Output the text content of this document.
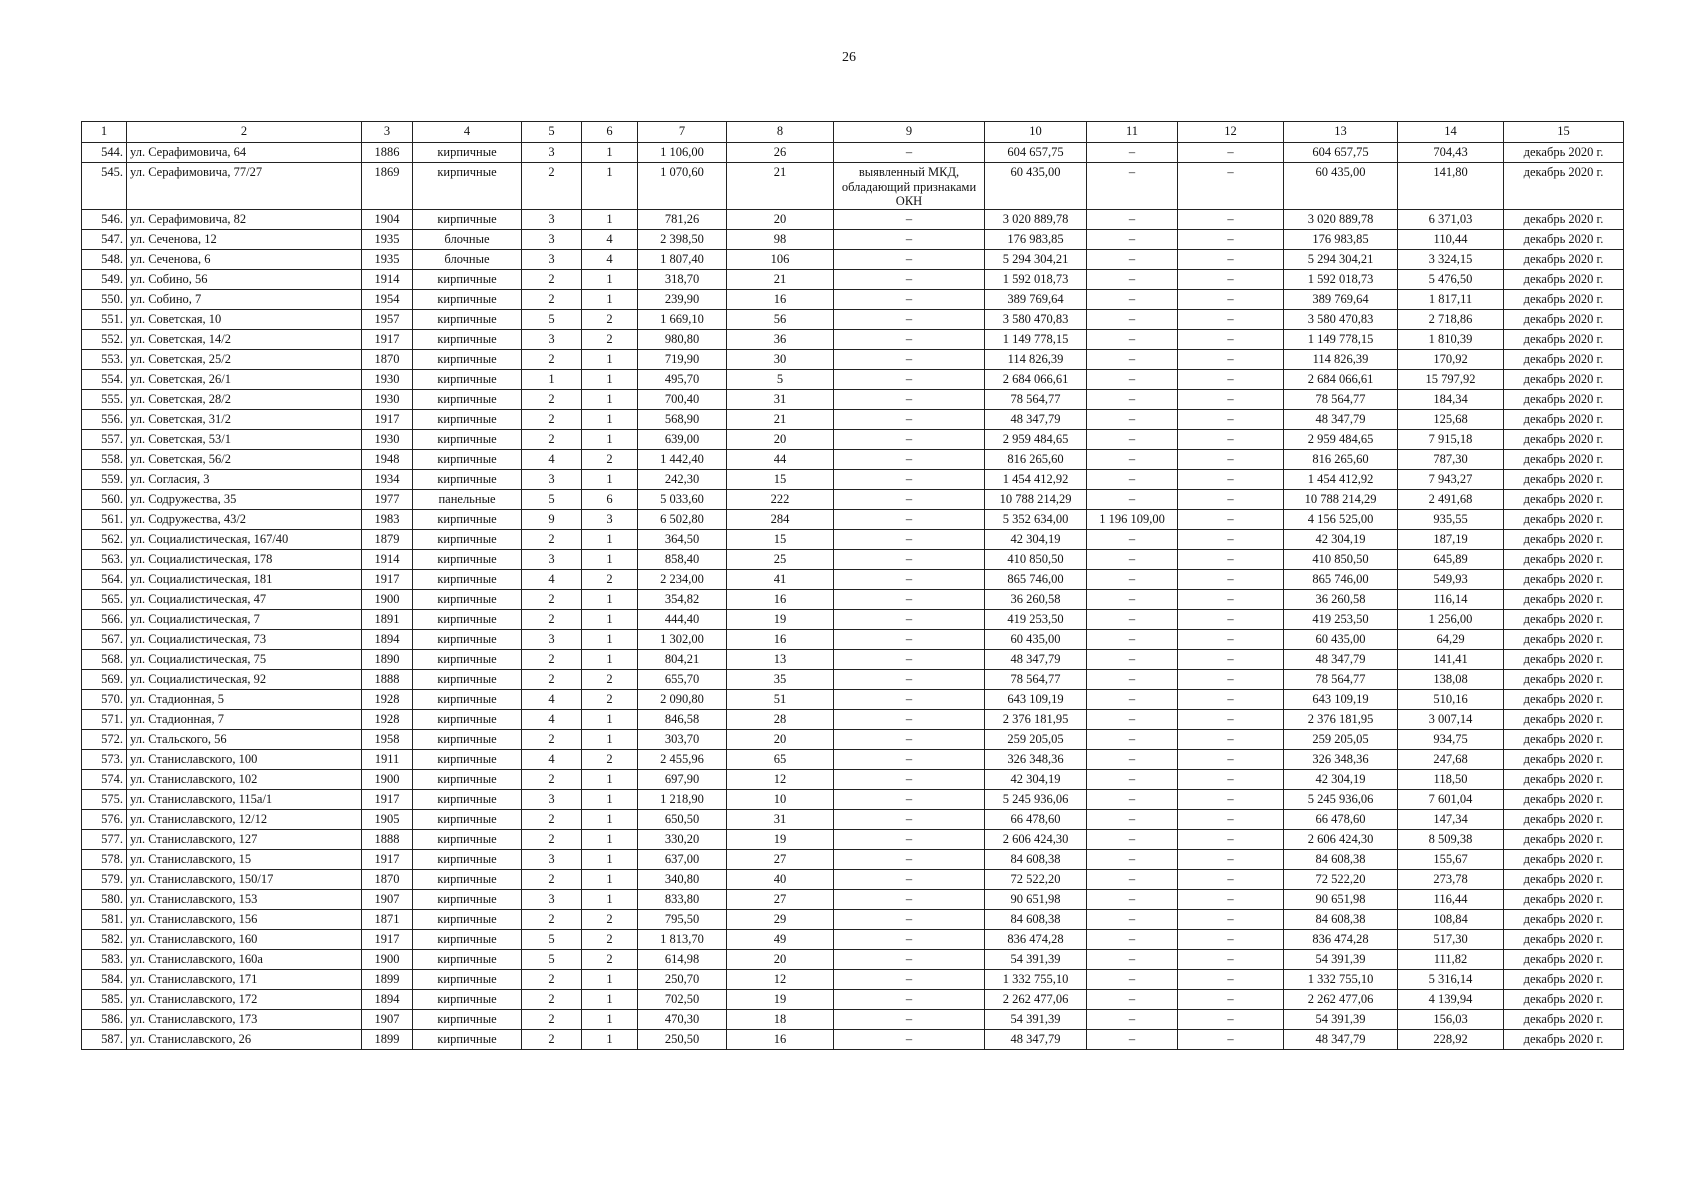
26
1	2	3	4	5	6	7	8	9	10	11	12	13	14	15
544.	ул. Серафимовича, 64	1886	кирпичные	3	1	1 106,00	26	–	604 657,75	–	–	604 657,75	704,43	декабрь 2020 г.
545.	ул. Серафимовича, 77/27	1869	кирпичные	2	1	1 070,60	21	выявленный МКД, обладающий признаками ОКН	60 435,00	–	–	60 435,00	141,80	декабрь 2020 г.
546.	ул. Серафимовича, 82	1904	кирпичные	3	1	781,26	20	–	3 020 889,78	–	–	3 020 889,78	6 371,03	декабрь 2020 г.
547.	ул. Сеченова, 12	1935	блочные	3	4	2 398,50	98	–	176 983,85	–	–	176 983,85	110,44	декабрь 2020 г.
548.	ул. Сеченова, 6	1935	блочные	3	4	1 807,40	106	–	5 294 304,21	–	–	5 294 304,21	3 324,15	декабрь 2020 г.
549.	ул. Собино, 56	1914	кирпичные	2	1	318,70	21	–	1 592 018,73	–	–	1 592 018,73	5 476,50	декабрь 2020 г.
550.	ул. Собино, 7	1954	кирпичные	2	1	239,90	16	–	389 769,64	–	–	389 769,64	1 817,11	декабрь 2020 г.
551.	ул. Советская, 10	1957	кирпичные	5	2	1 669,10	56	–	3 580 470,83	–	–	3 580 470,83	2 718,86	декабрь 2020 г.
552.	ул. Советская, 14/2	1917	кирпичные	3	2	980,80	36	–	1 149 778,15	–	–	1 149 778,15	1 810,39	декабрь 2020 г.
553.	ул. Советская, 25/2	1870	кирпичные	2	1	719,90	30	–	114 826,39	–	–	114 826,39	170,92	декабрь 2020 г.
554.	ул. Советская, 26/1	1930	кирпичные	1	1	495,70	5	–	2 684 066,61	–	–	2 684 066,61	15 797,92	декабрь 2020 г.
555.	ул. Советская, 28/2	1930	кирпичные	2	1	700,40	31	–	78 564,77	–	–	78 564,77	184,34	декабрь 2020 г.
556.	ул. Советская, 31/2	1917	кирпичные	2	1	568,90	21	–	48 347,79	–	–	48 347,79	125,68	декабрь 2020 г.
557.	ул. Советская, 53/1	1930	кирпичные	2	1	639,00	20	–	2 959 484,65	–	–	2 959 484,65	7 915,18	декабрь 2020 г.
558.	ул. Советская, 56/2	1948	кирпичные	4	2	1 442,40	44	–	816 265,60	–	–	816 265,60	787,30	декабрь 2020 г.
559.	ул. Согласия, 3	1934	кирпичные	3	1	242,30	15	–	1 454 412,92	–	–	1 454 412,92	7 943,27	декабрь 2020 г.
560.	ул. Содружества, 35	1977	панельные	5	6	5 033,60	222	–	10 788 214,29	–	–	10 788 214,29	2 491,68	декабрь 2020 г.
561.	ул. Содружества, 43/2	1983	кирпичные	9	3	6 502,80	284	–	5 352 634,00	1 196 109,00	–	4 156 525,00	935,55	декабрь 2020 г.
562.	ул. Социалистическая, 167/40	1879	кирпичные	2	1	364,50	15	–	42 304,19	–	–	42 304,19	187,19	декабрь 2020 г.
563.	ул. Социалистическая, 178	1914	кирпичные	3	1	858,40	25	–	410 850,50	–	–	410 850,50	645,89	декабрь 2020 г.
564.	ул. Социалистическая, 181	1917	кирпичные	4	2	2 234,00	41	–	865 746,00	–	–	865 746,00	549,93	декабрь 2020 г.
565.	ул. Социалистическая, 47	1900	кирпичные	2	1	354,82	16	–	36 260,58	–	–	36 260,58	116,14	декабрь 2020 г.
566.	ул. Социалистическая, 7	1891	кирпичные	2	1	444,40	19	–	419 253,50	–	–	419 253,50	1 256,00	декабрь 2020 г.
567.	ул. Социалистическая, 73	1894	кирпичные	3	1	1 302,00	16	–	60 435,00	–	–	60 435,00	64,29	декабрь 2020 г.
568.	ул. Социалистическая, 75	1890	кирпичные	2	1	804,21	13	–	48 347,79	–	–	48 347,79	141,41	декабрь 2020 г.
569.	ул. Социалистическая, 92	1888	кирпичные	2	2	655,70	35	–	78 564,77	–	–	78 564,77	138,08	декабрь 2020 г.
570.	ул. Стадионная, 5	1928	кирпичные	4	2	2 090,80	51	–	643 109,19	–	–	643 109,19	510,16	декабрь 2020 г.
571.	ул. Стадионная, 7	1928	кирпичные	4	1	846,58	28	–	2 376 181,95	–	–	2 376 181,95	3 007,14	декабрь 2020 г.
572.	ул. Стальского, 56	1958	кирпичные	2	1	303,70	20	–	259 205,05	–	–	259 205,05	934,75	декабрь 2020 г.
573.	ул. Станиславского, 100	1911	кирпичные	4	2	2 455,96	65	–	326 348,36	–	–	326 348,36	247,68	декабрь 2020 г.
574.	ул. Станиславского, 102	1900	кирпичные	2	1	697,90	12	–	42 304,19	–	–	42 304,19	118,50	декабрь 2020 г.
575.	ул. Станиславского, 115а/1	1917	кирпичные	3	1	1 218,90	10	–	5 245 936,06	–	–	5 245 936,06	7 601,04	декабрь 2020 г.
576.	ул. Станиславского, 12/12	1905	кирпичные	2	1	650,50	31	–	66 478,60	–	–	66 478,60	147,34	декабрь 2020 г.
577.	ул. Станиславского, 127	1888	кирпичные	2	1	330,20	19	–	2 606 424,30	–	–	2 606 424,30	8 509,38	декабрь 2020 г.
578.	ул. Станиславского, 15	1917	кирпичные	3	1	637,00	27	–	84 608,38	–	–	84 608,38	155,67	декабрь 2020 г.
579.	ул. Станиславского, 150/17	1870	кирпичные	2	1	340,80	40	–	72 522,20	–	–	72 522,20	273,78	декабрь 2020 г.
580.	ул. Станиславского, 153	1907	кирпичные	3	1	833,80	27	–	90 651,98	–	–	90 651,98	116,44	декабрь 2020 г.
581.	ул. Станиславского, 156	1871	кирпичные	2	2	795,50	29	–	84 608,38	–	–	84 608,38	108,84	декабрь 2020 г.
582.	ул. Станиславского, 160	1917	кирпичные	5	2	1 813,70	49	–	836 474,28	–	–	836 474,28	517,30	декабрь 2020 г.
583.	ул. Станиславского, 160а	1900	кирпичные	5	2	614,98	20	–	54 391,39	–	–	54 391,39	111,82	декабрь 2020 г.
584.	ул. Станиславского, 171	1899	кирпичные	2	1	250,70	12	–	1 332 755,10	–	–	1 332 755,10	5 316,14	декабрь 2020 г.
585.	ул. Станиславского, 172	1894	кирпичные	2	1	702,50	19	–	2 262 477,06	–	–	2 262 477,06	4 139,94	декабрь 2020 г.
586.	ул. Станиславского, 173	1907	кирпичные	2	1	470,30	18	–	54 391,39	–	–	54 391,39	156,03	декабрь 2020 г.
587.	ул. Станиславского, 26	1899	кирпичные	2	1	250,50	16	–	48 347,79	–	–	48 347,79	228,92	декабрь 2020 г.
